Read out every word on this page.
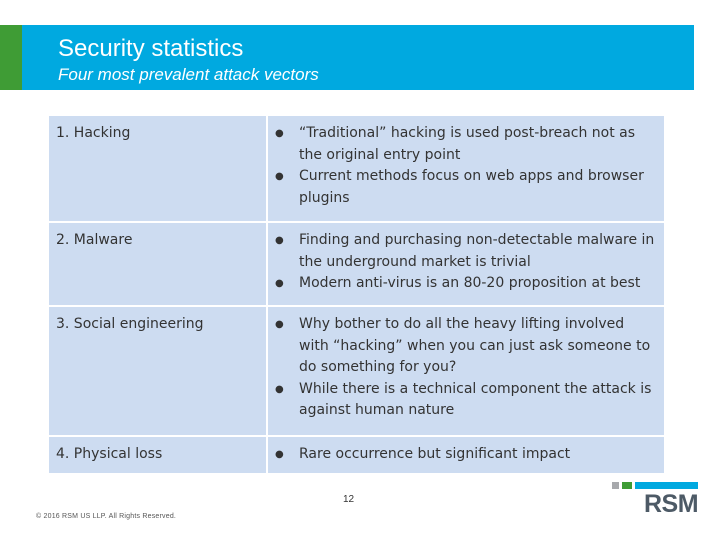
Security statistics
Four most prevalent attack vectors
1. Hacking	● “Traditional” hacking is used post-breach not as the original entry point
● Current methods focus on web apps and browser plugins

2. Malware	● Finding and purchasing non-detectable malware in the underground market is trivial
● Modern anti-virus is an 80-20 proposition at best

3. Social engineering	● Why bother to do all the heavy lifting involved with “hacking” when you can just ask someone to do something for you?
● While there is a technical component the attack is against human nature

4. Physical loss	● Rare occurrence but significant impact
12
© 2016 RSM US LLP. All Rights Reserved.	RSM
